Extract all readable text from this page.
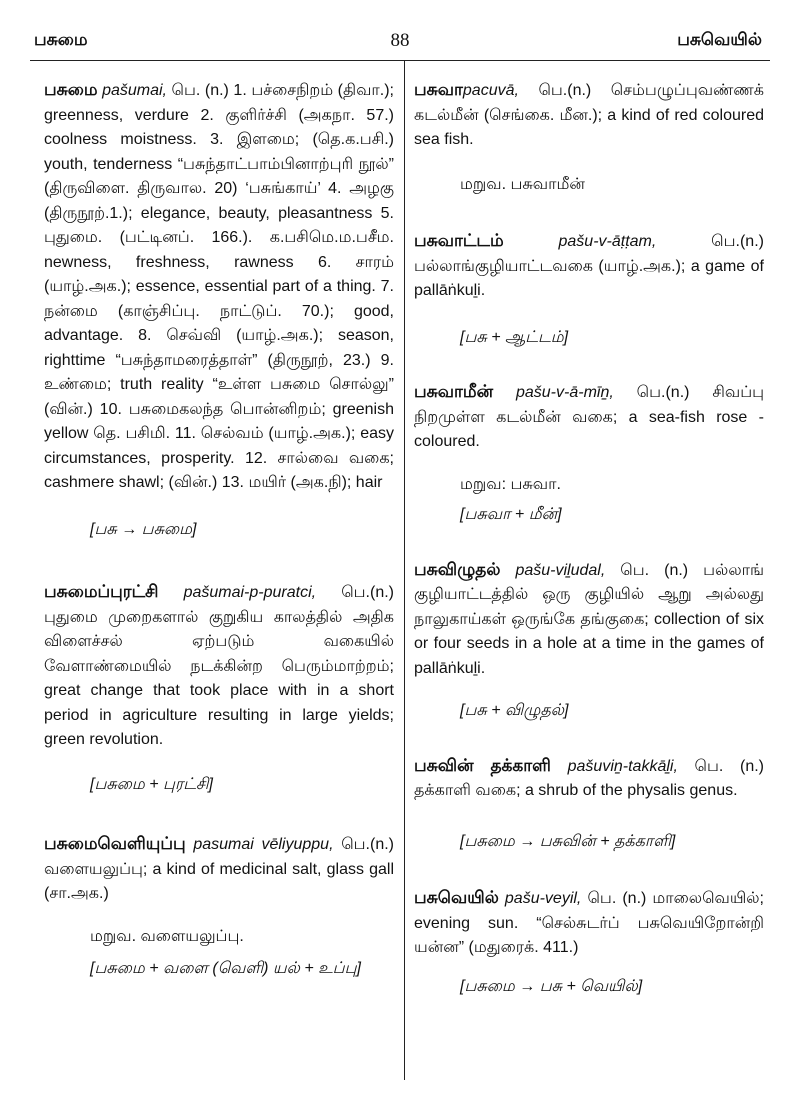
பசுமை	88	பசுவெயில்
பசுமை pašumai, பெ. (n.) 1. பச்சைநிறம் (திவா.); greenness, verdure 2. குளிர்ச்சி (அகநா. 57.) coolness moistness. 3. இளமை; (தெ.க.பசி.) youth, tenderness “பசுந்தாட்பாம்பினாற்புரி நூல்” (திருவிளை. திருவால. 20) ‘பசுங்காய்’ 4. அழகு (திருநூற்.1.); elegance, beauty, pleasantness 5. புதுமை. (பட்டினப். 166.). க.பசிமெ.ம.பசீம. newness, freshness, rawness 6. சாரம் (யாழ்.அக.); essence, essential part of a thing. 7. நன்மை (காஞ்சிப்பு. நாட்டுப். 70.); good, advantage. 8. செவ்வி (யாழ்.அக.); season, righttime “பசுந்தாமரைத்தாள்” (திருநூற், 23.) 9. உண்மை; truth reality “உள்ள பசுமை சொல்லு” (வின்.) 10. பசுமைகலந்த பொன்னிறம்; greenish yellow தெ. பசிமி. 11. செல்வம் (யாழ்.அக.); easy circumstances, prosperity. 12. சால்வை வகை; cashmere shawl; (வின்.) 13. மயிர் (அக.நி); hair
[பசு → பசுமை]
பசுமைப்புரட்சி pašumai-p-puratci, பெ.(n.) புதுமை முறைகளால் குறுகிய காலத்தில் அதிக விளைச்சல் ஏற்படும் வகையில் வேளாண்மையில் நடக்கின்ற பெரும்மாற்றம்; great change that took place with in a short period in agriculture resulting in large yields; green revolution.
[பசுமை + புரட்சி]
பசுமைவெளியுப்பு pasumai vēliyuppu, பெ.(n.) வளையலுப்பு; a kind of medicinal salt, glass gall (சா.அக.)
மறுவ. வளையலுப்பு.
[பசுமை + வளை (வெளி) யல் + உப்பு]
பசுவாpacuvā, பெ.(n.) செம்பழுப்புவண்ணக் கடல்மீன் (செங்கை. மீன.); a kind of red coloured sea fish.
மறுவ. பசுவாமீன்
பசுவாட்டம்	pašu-v-āṭṭam,	பெ.(n.) பல்லாங்குழியாட்டவகை (யாழ்.அக.); a game of pallāṅkuḻi.
[பசு + ஆட்டம்]
பசுவாமீன் pašu-v-ā-mīṉ, பெ.(n.) சிவப்பு நிறமுள்ள கடல்மீன் வகை; a sea-fish rose - coloured.
மறுவ: பசுவா.
[பசுவா + மீன்]
பசுவிழுதல் pašu-viḻudal, பெ. (n.) பல்லாங் குழியாட்டத்தில் ஒரு குழியில் ஆறு அல்லது நாலுகாய்கள் ஒருங்கே தங்குகை; collection of six or four seeds in a hole at a time in the games of pallāṅkuḻi.
[பசு + விழுதல்]
பசுவின் தக்காளி pašuviṉ-takkāḻi, பெ. (n.) தக்காளி வகை; a shrub of the physalis genus.
[பசுமை → பசுவின் + தக்காளி]
பசுவெயில் pašu-veyil, பெ. (n.) மாலைவெயில்; evening sun. “செல்சுடர்ப் பசுவெயிறோன்றி யன்ன” (மதுரைக். 411.)
[பசுமை → பசு + வெயில்]
